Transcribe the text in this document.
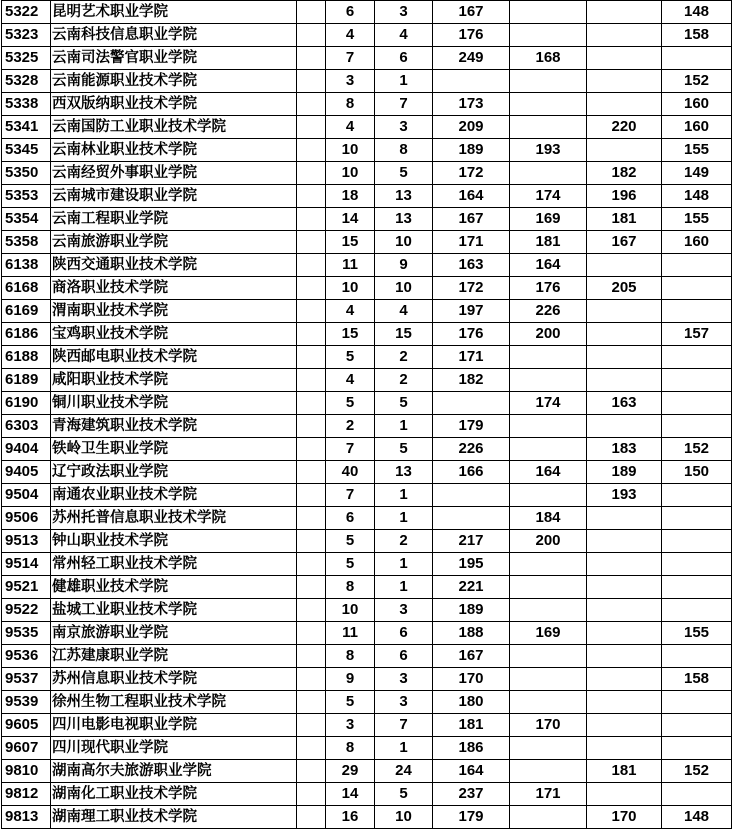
5322	昆明艺术职业学院		6	3	167			148
5323	云南科技信息职业学院		4	4	176			158
5325	云南司法警官职业学院		7	6	249	168		
5328	云南能源职业技术学院		3	1				152
5338	西双版纳职业技术学院		8	7	173			160
5341	云南国防工业职业技术学院		4	3	209		220	160
5345	云南林业职业技术学院		10	8	189	193		155
5350	云南经贸外事职业学院		10	5	172		182	149
5353	云南城市建设职业学院		18	13	164	174	196	148
5354	云南工程职业学院		14	13	167	169	181	155
5358	云南旅游职业学院		15	10	171	181	167	160
6138	陕西交通职业技术学院		11	9	163	164		
6168	商洛职业技术学院		10	10	172	176	205	
6169	渭南职业技术学院		4	4	197	226		
6186	宝鸡职业技术学院		15	15	176	200		157
6188	陕西邮电职业技术学院		5	2	171			
6189	咸阳职业技术学院		4	2	182			
6190	铜川职业技术学院		5	5		174	163	
6303	青海建筑职业技术学院		2	1	179			
9404	铁岭卫生职业学院		7	5	226		183	152
9405	辽宁政法职业学院		40	13	166	164	189	150
9504	南通农业职业技术学院		7	1			193	
9506	苏州托普信息职业技术学院		6	1		184		
9513	钟山职业技术学院		5	2	217	200		
9514	常州轻工职业技术学院		5	1	195			
9521	健雄职业技术学院		8	1	221			
9522	盐城工业职业技术学院		10	3	189			
9535	南京旅游职业学院		11	6	188	169		155
9536	江苏建康职业学院		8	6	167			
9537	苏州信息职业技术学院		9	3	170			158
9539	徐州生物工程职业技术学院		5	3	180			
9605	四川电影电视职业学院		3	7	181	170		
9607	四川现代职业学院		8	1	186			
9810	湖南高尔夫旅游职业学院		29	24	164		181	152
9812	湖南化工职业技术学院		14	5	237	171		
9813	湖南理工职业技术学院		16	10	179		170	148
